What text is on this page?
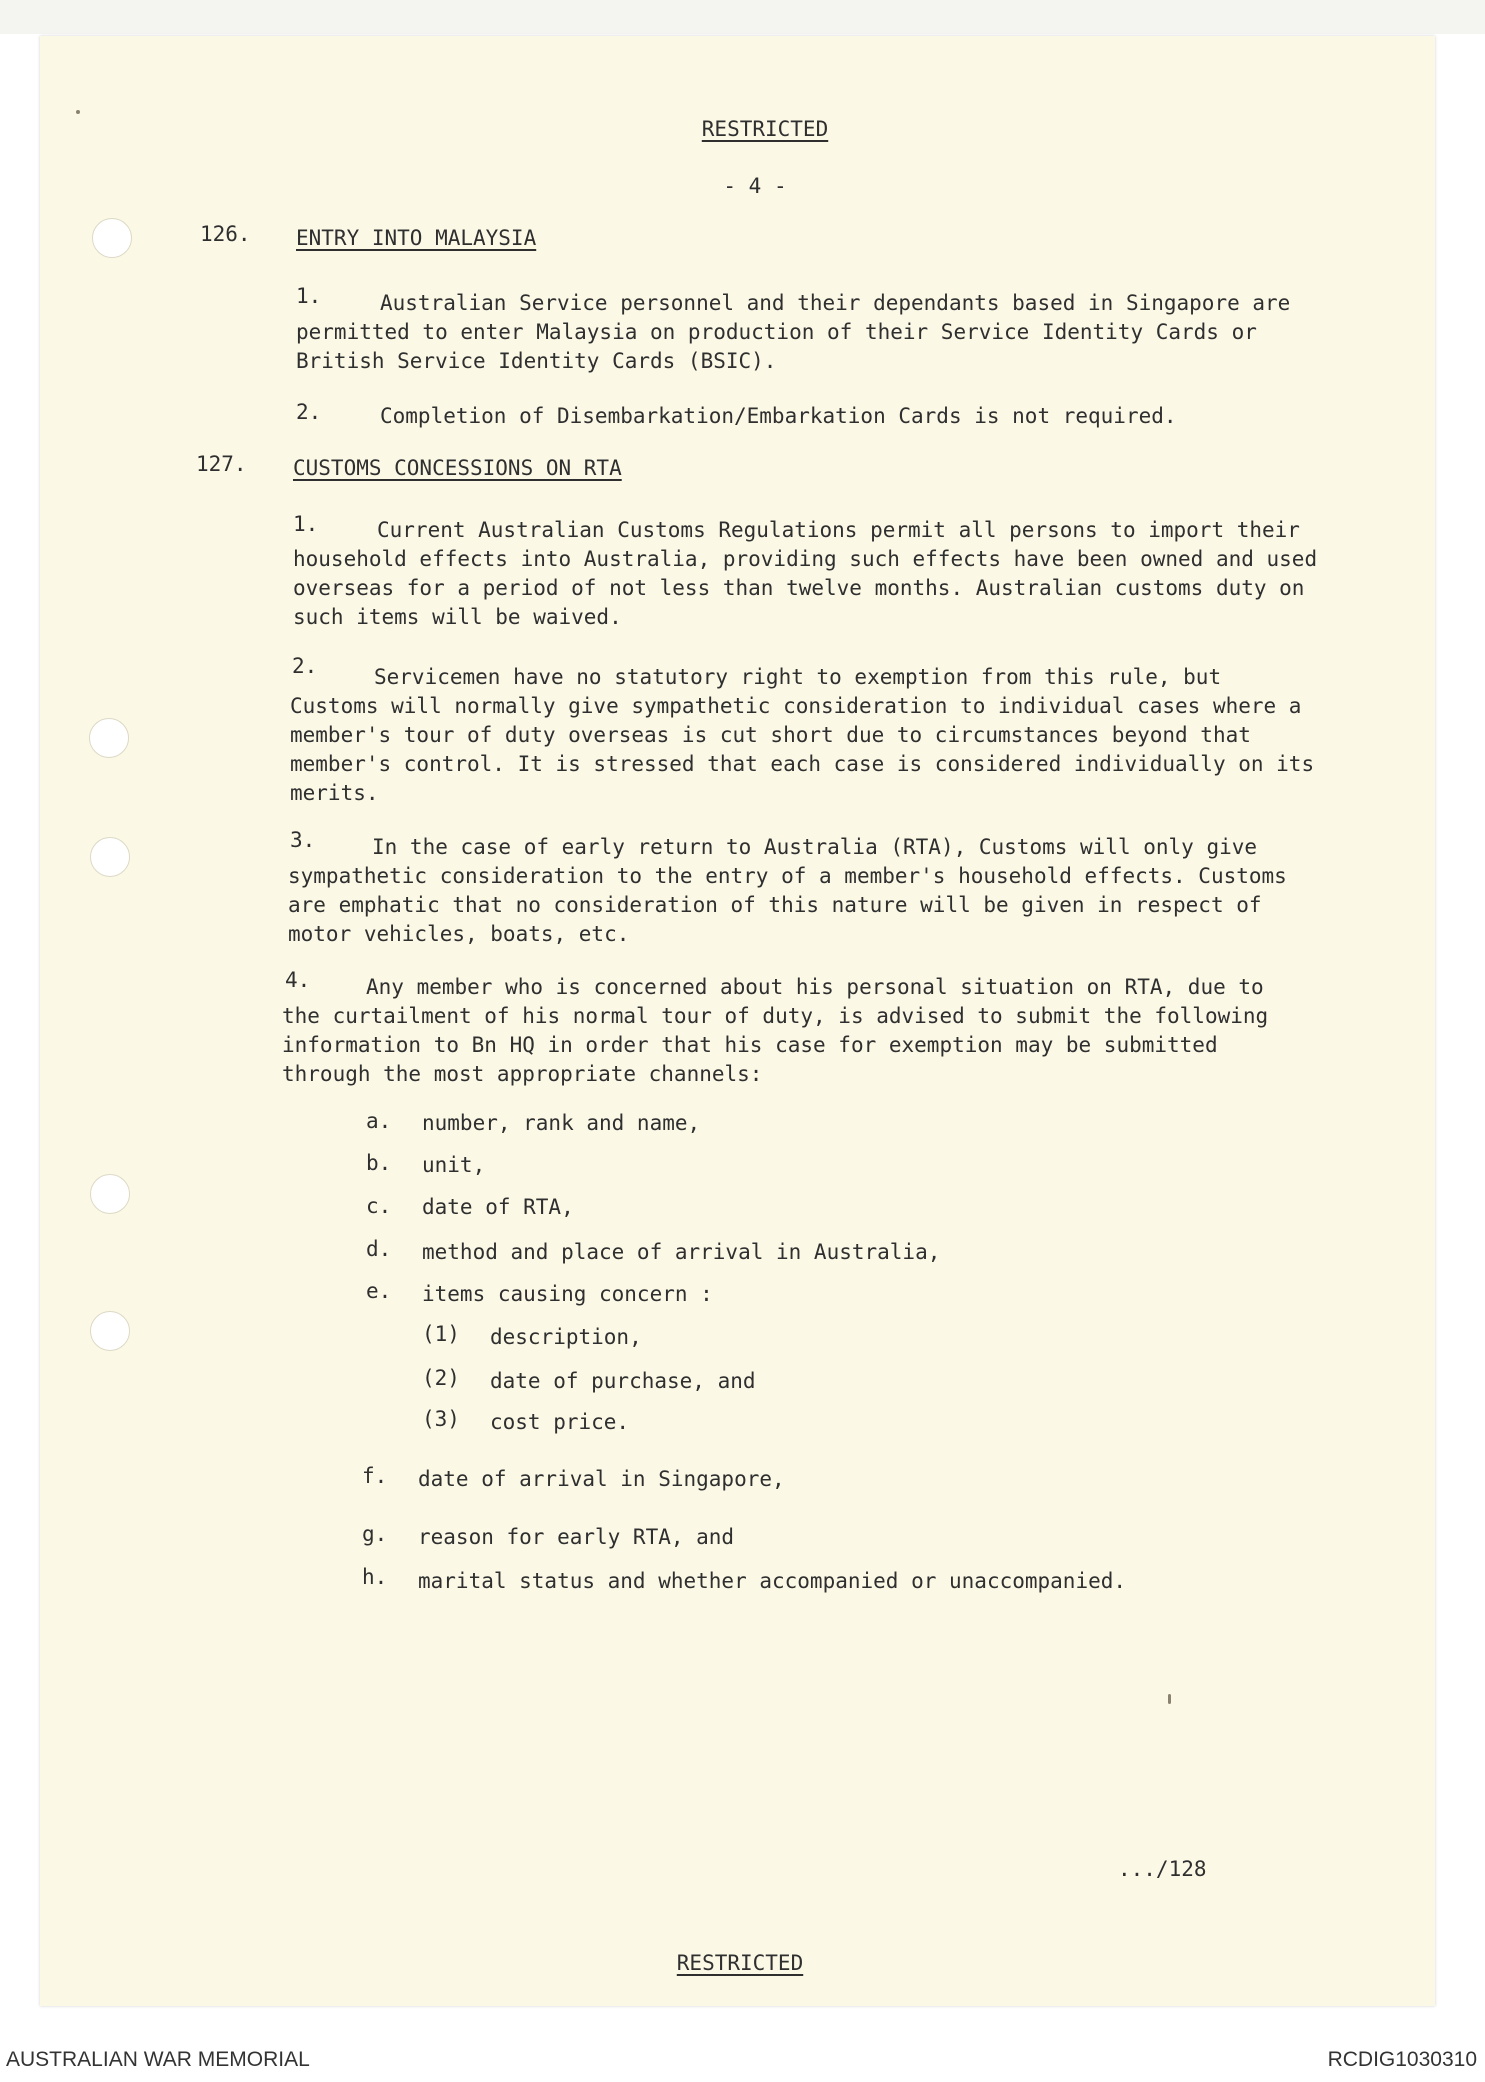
RESTRICTED
- 4 -
126. ENTRY INTO MALAYSIA
1.	Australian Service personnel and their dependants based in Singapore are permitted to enter Malaysia on production of their Service Identity Cards or British Service Identity Cards (BSIC).
2.	Completion of Disembarkation/Embarkation Cards is not required.
127. CUSTOMS CONCESSIONS ON RTA
1.	Current Australian Customs Regulations permit all persons to import their household effects into Australia, providing such effects have been owned and used overseas for a period of not less than twelve months. Australian customs duty on such items will be waived.
2.	Servicemen have no statutory right to exemption from this rule, but Customs will normally give sympathetic consideration to individual cases where a member's tour of duty overseas is cut short due to circumstances beyond that member's control. It is stressed that each case is considered individually on its merits.
3.	In the case of early return to Australia (RTA), Customs will only give sympathetic consideration to the entry of a member's household effects. Customs are emphatic that no consideration of this nature will be given in respect of motor vehicles, boats, etc.
4.	Any member who is concerned about his personal situation on RTA, due to the curtailment of his normal tour of duty, is advised to submit the following information to Bn HQ in order that his case for exemption may be submitted through the most appropriate channels:
a. number, rank and name,
b. unit,
c. date of RTA,
d. method and place of arrival in Australia,
e. items causing concern :
(1) description,
(2) date of purchase, and
(3) cost price.
f. date of arrival in Singapore,
g. reason for early RTA, and
h. marital status and whether accompanied or unaccompanied.
.../128
RESTRICTED
AUSTRALIAN WAR MEMORIAL	RCDIG1030310
